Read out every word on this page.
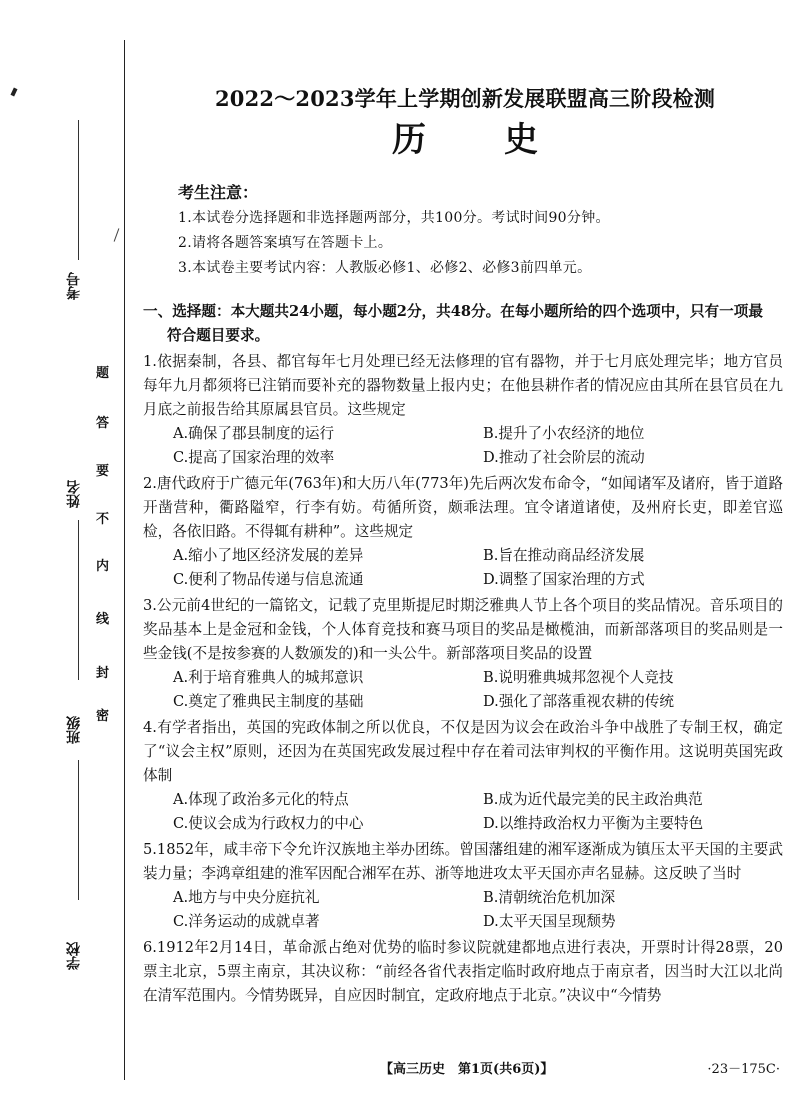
考号
姓名
班级
学校
密
封
线
内
不
要
答
题
2022～2023学年上学期创新发展联盟高三阶段检测
历史
考生注意：
1.本试卷分选择题和非选择题两部分，共100分。考试时间90分钟。
2.请将各题答案填写在答题卡上。
3.本试卷主要考试内容：人教版必修1、必修2、必修3前四单元。
一、选择题：本大题共24小题，每小题2分，共48分。在每小题所给的四个选项中，只有一项最
符合题目要求。
1.依据秦制，各县、都官每年七月处理已经无法修理的官有器物，并于七月底处理完毕；地方官员每年九月都须将已注销而要补充的器物数量上报内史；在他县耕作者的情况应由其所在县官员在九月底之前报告给其原属县官员。这些规定
A.确保了郡县制度的运行	B.提升了小农经济的地位
C.提高了国家治理的效率	D.推动了社会阶层的流动
2.唐代政府于广德元年(763年)和大历八年(773年)先后两次发布命令，“如闻诸军及诸府，皆于道路开凿营种，衢路隘窄，行李有妨。苟循所资，颇乖法理。宜令诸道诸使，及州府长吏，即差官巡检，各依旧路。不得辄有耕种”。这些规定
A.缩小了地区经济发展的差异	B.旨在推动商品经济发展
C.便利了物品传递与信息流通	D.调整了国家治理的方式
3.公元前4世纪的一篇铭文，记载了克里斯提尼时期泛雅典人节上各个项目的奖品情况。音乐项目的奖品基本上是金冠和金钱，个人体育竞技和赛马项目的奖品是橄榄油，而新部落项目的奖品则是一些金钱(不是按参赛的人数颁发的)和一头公牛。新部落项目奖品的设置
A.利于培育雅典人的城邦意识	B.说明雅典城邦忽视个人竞技
C.奠定了雅典民主制度的基础	D.强化了部落重视农耕的传统
4.有学者指出，英国的宪政体制之所以优良，不仅是因为议会在政治斗争中战胜了专制王权，确定了“议会主权”原则，还因为在英国宪政发展过程中存在着司法审判权的平衡作用。这说明英国宪政体制
A.体现了政治多元化的特点	B.成为近代最完美的民主政治典范
C.使议会成为行政权力的中心	D.以维持政治权力平衡为主要特色
5.1852年，咸丰帝下令允许汉族地主举办团练。曾国藩组建的湘军逐渐成为镇压太平天国的主要武装力量；李鸿章组建的淮军因配合湘军在苏、浙等地进攻太平天国亦声名显赫。这反映了当时
A.地方与中央分庭抗礼	B.清朝统治危机加深
C.洋务运动的成就卓著	D.太平天国呈现颓势
6.1912年2月14日，革命派占绝对优势的临时参议院就建都地点进行表决，开票时计得28票，20票主北京，5票主南京，其决议称：“前经各省代表指定临时政府地点于南京者，因当时大江以北尚在清军范围内。今情势既异，自应因时制宜，定政府地点于北京。”决议中“今情势
【高三历史　第1页(共6页)】	·23－175C·
